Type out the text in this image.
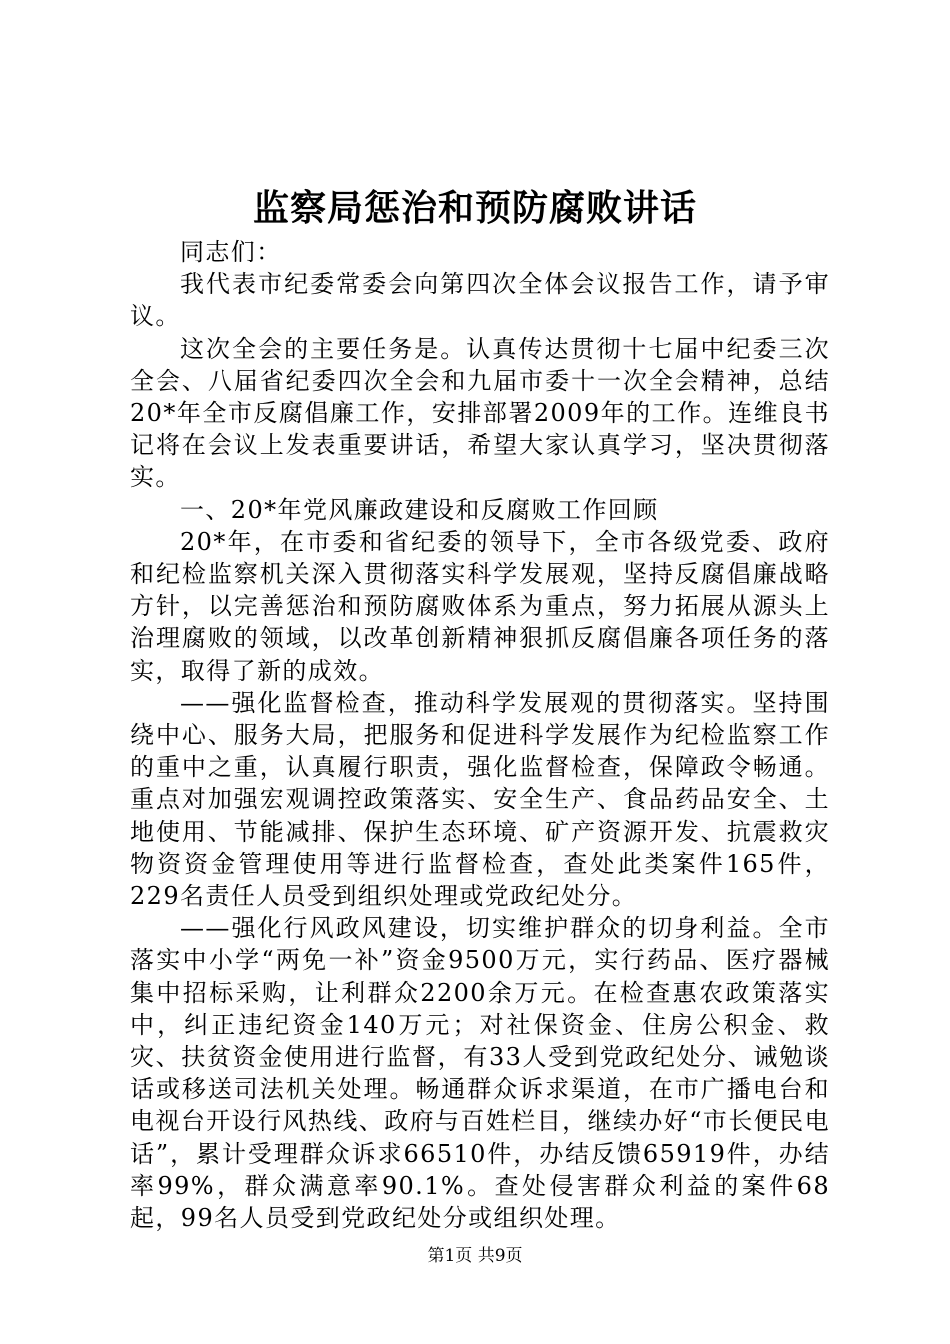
监察局惩治和预防腐败讲话

同志们：

我代表市纪委常委会向第四次全体会议报告工作，请予审议。

这次全会的主要任务是。认真传达贯彻十七届中纪委三次全会、八届省纪委四次全会和九届市委十一次全会精神，总结20*年全市反腐倡廉工作，安排部署2009年的工作。连维良书记将在会议上发表重要讲话，希望大家认真学习，坚决贯彻落实。

一、20*年党风廉政建设和反腐败工作回顾

20*年，在市委和省纪委的领导下，全市各级党委、政府和纪检监察机关深入贯彻落实科学发展观，坚持反腐倡廉战略方针，以完善惩治和预防腐败体系为重点，努力拓展从源头上治理腐败的领域，以改革创新精神狠抓反腐倡廉各项任务的落实，取得了新的成效。

——强化监督检查，推动科学发展观的贯彻落实。坚持围绕中心、服务大局，把服务和促进科学发展作为纪检监察工作的重中之重，认真履行职责，强化监督检查，保障政令畅通。重点对加强宏观调控政策落实、安全生产、食品药品安全、土地使用、节能减排、保护生态环境、矿产资源开发、抗震救灾物资资金管理使用等进行监督检查，查处此类案件165件，229名责任人员受到组织处理或党政纪处分。

——强化行风政风建设，切实维护群众的切身利益。全市落实中小学“两免一补”资金9500万元，实行药品、医疗器械集中招标采购，让利群众2200余万元。在检查惠农政策落实中，纠正违纪资金140万元；对社保资金、住房公积金、救灾、扶贫资金使用进行监督，有33人受到党政纪处分、诫勉谈话或移送司法机关处理。畅通群众诉求渠道，在市广播电台和电视台开设行风热线、政府与百姓栏目，继续办好“市长便民电话”，累计受理群众诉求66510件，办结反馈65919件，办结率99%，群众满意率90.1%。查处侵害群众利益的案件68起，99名人员受到党政纪处分或组织处理。

第1页 共9页
